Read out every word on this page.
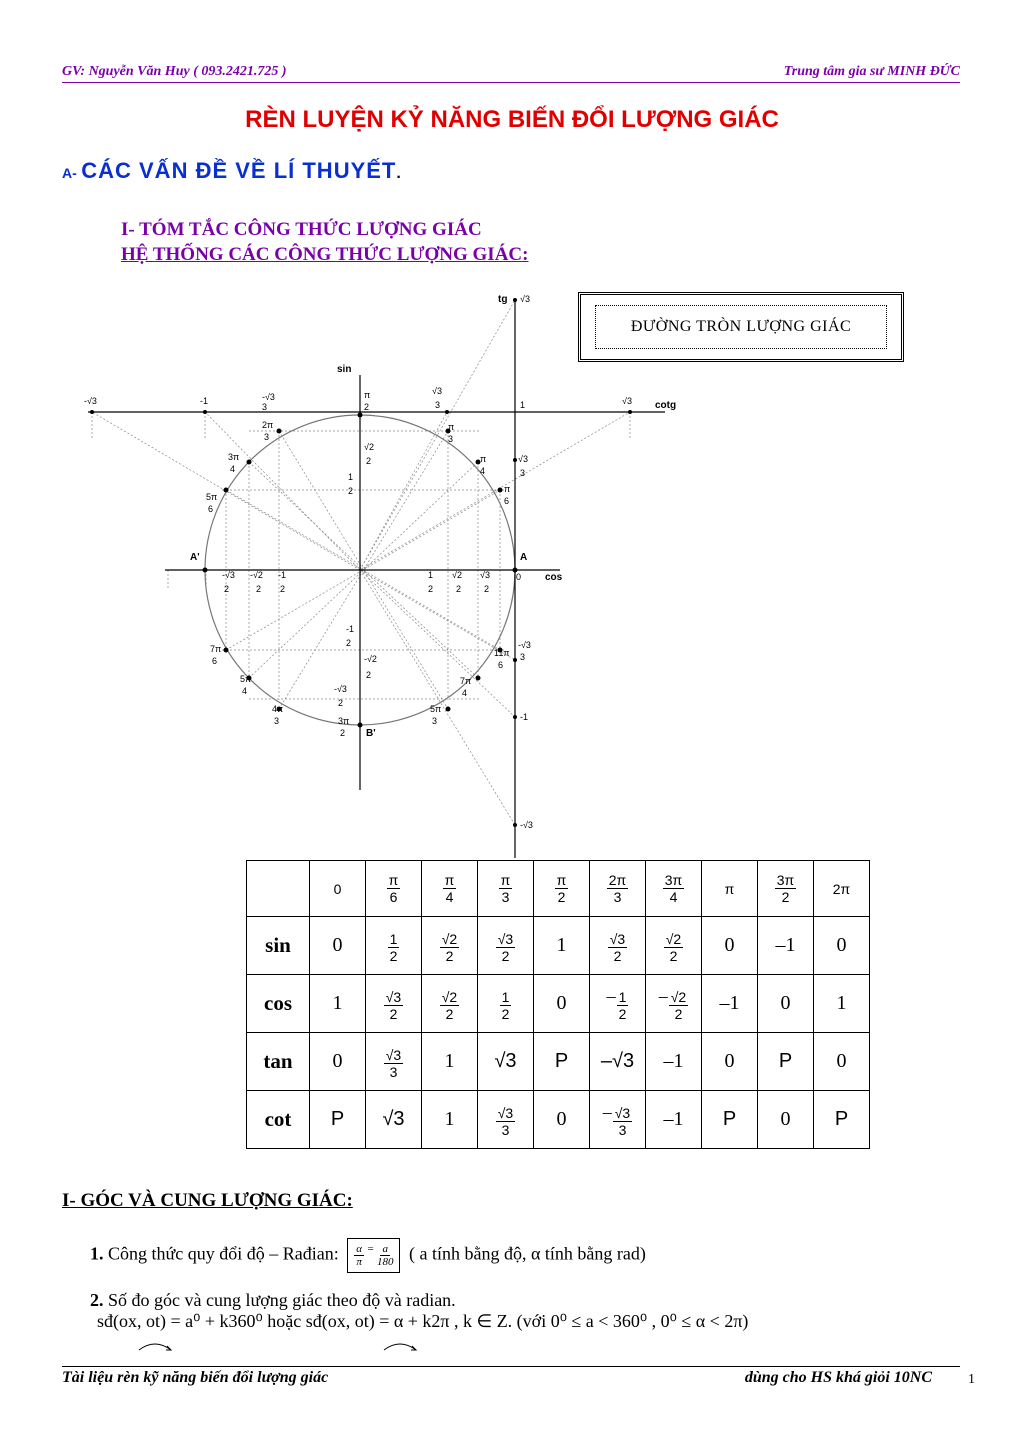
GV: Nguyễn Văn Huy ( 093.2421.725 )	Trung tâm gia sư MINH ĐỨC
RÈN LUYỆN KỶ NĂNG BIẾN ĐỔI LƯỢNG GIÁC
A- CÁC VẤN ĐỀ VỀ LÍ THUYẾT.
I- TÓM TẮC CÔNG THỨC LƯỢNG GIÁC
HỆ THỐNG CÁC CÔNG THỨC LƯỢNG GIÁC:
sin
cos
tg
cotg
A
A'
B'
-√3	-1	-√3
3
√3
3	1	√3
√3
-√3
-1
-√3
3
√3
3
√2
2
1
2
-1
2
-√2
2
-√3
2
-√3
2
-√2
2
-1
2
1
2
√2
2
√3
2
0
5π
6
3π
4
2π
3
π
3
π
4
π
6
7π
6
5π
4
4π
3
5π
3
7π
4
11π
6
π
2
3π
2
ĐƯỜNG TRÒN LƯỢNG GIÁC
	0	$\frac{\pi}{6}$	$\frac{\pi}{4}$	$\frac{\pi}{3}$	$\frac{\pi}{2}$	$\frac{2\pi}{3}$	$\frac{3\pi}{4}$	π	$\frac{3\pi}{2}$	2π
sin	0	$\frac{1}{2}$	$\frac{√2}{2}$	$\frac{√3}{2}$	1	$\frac{√3}{2}$	$\frac{√2}{2}$	0	–1	0
cos	1	$\frac{√3}{2}$	$\frac{√2}{2}$	$\frac{1}{2}$	0	– $\frac{1}{2}$	– $\frac{√2}{2}$	–1	0	1
tan	0	$\frac{√3}{3}$	1	√3	P	–√3	–1	0	P	0
cot	P	√3	1	$\frac{√3}{3}$	0	– $\frac{√3}{3}$	–1	P	0	P
I- GÓC VÀ CUNG LƯỢNG GIÁC:
1. Công thức quy đổi độ – Rađian: $\frac{\alpha}{\pi} = \frac{a}{180}$ ( a tính bằng độ, α tính bằng rad)
2. Số đo góc và cung lượng giác theo độ và radian.
sđ(ox, ot) = a⁰ + k360⁰ hoặc sđ(ox, ot) = α + k2π , k ∈ Z. (với 0⁰ ≤ a < 360⁰ , 0⁰ ≤ α < 2π)
Tài liệu rèn kỹ năng biến đổi lượng giác	dùng cho HS khá giỏi 10NC	1
